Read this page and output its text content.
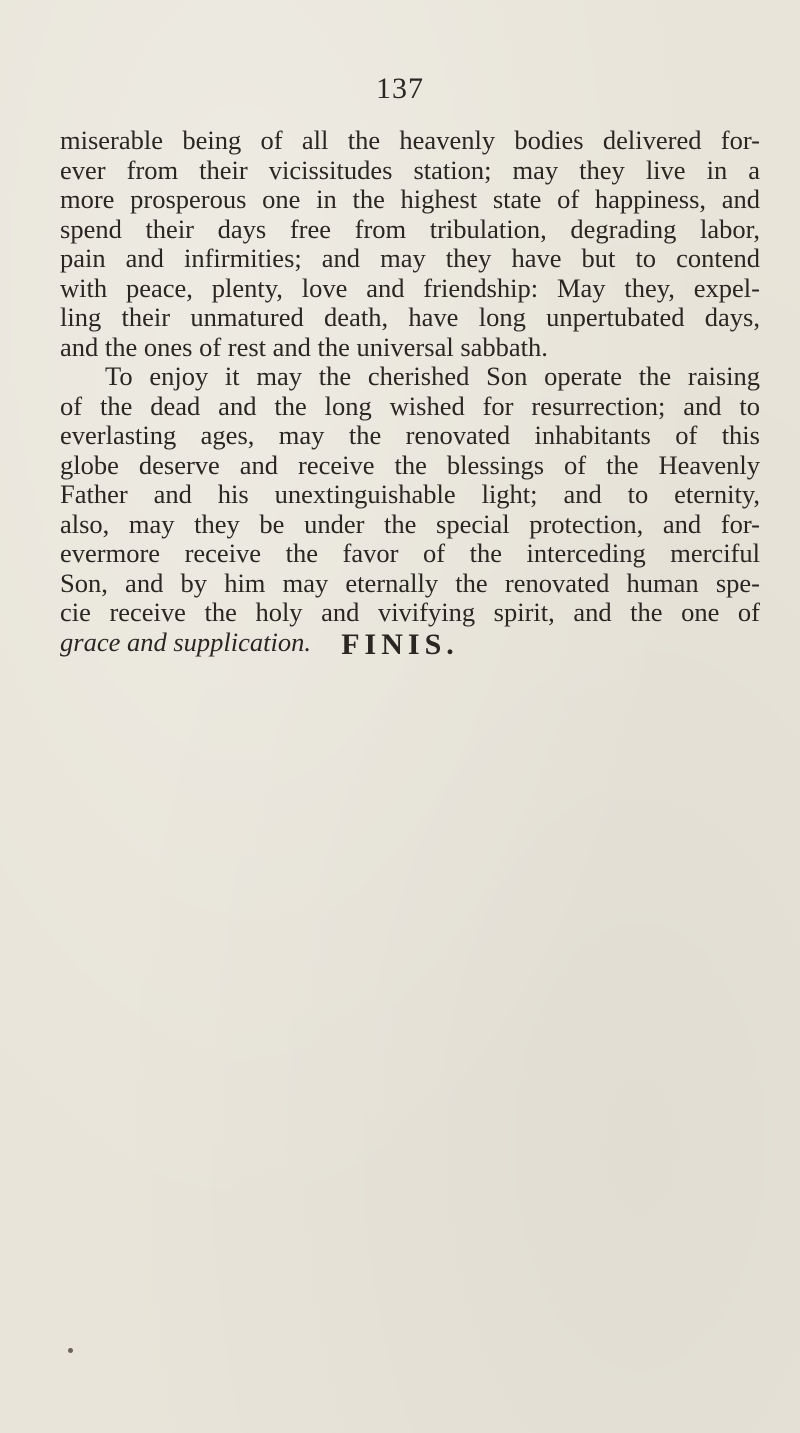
137
miserable being of all the heavenly bodies delivered for-
ever from their vicissitudes station; may they live in a
more prosperous one in the highest state of happiness, and
spend their days free from tribulation, degrading labor,
pain and infirmities; and may they have but to contend
with peace, plenty, love and friendship: May they, expel-
ling their unmatured death, have long unpertubated days,
and the ones of rest and the universal sabbath.
To enjoy it may the cherished Son operate the raising
of the dead and the long wished for resurrection; and to
everlasting ages, may the renovated inhabitants of this
globe deserve and receive the blessings of the Heavenly
Father and his unextinguishable light; and to eternity,
also, may they be under the special protection, and for-
evermore receive the favor of the interceding merciful
Son, and by him may eternally the renovated human spe-
cie receive the holy and vivifying spirit, and the one of
grace and supplication.	FINIS.
